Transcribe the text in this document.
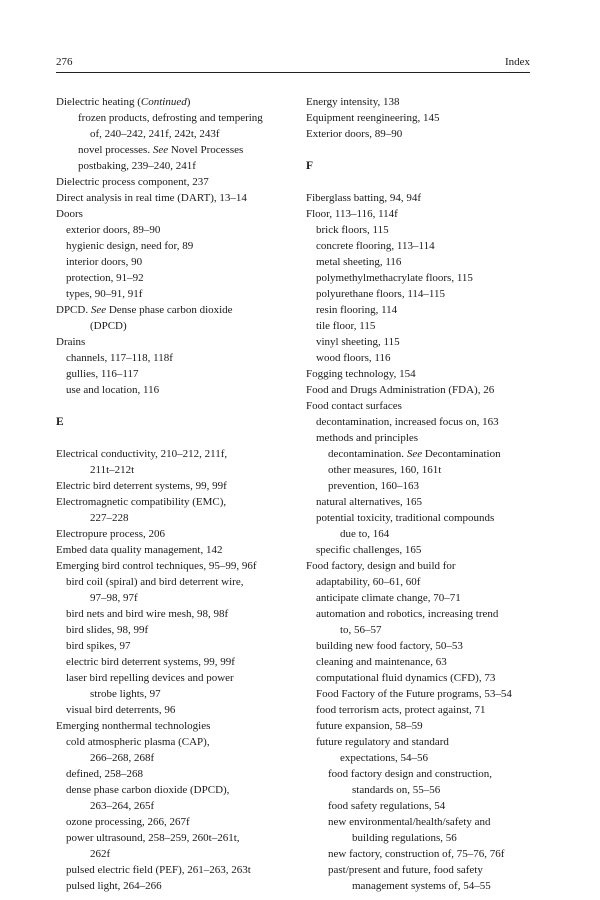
276	Index
Dielectric heating (Continued)
frozen products, defrosting and tempering
of, 240–242, 241f, 242t, 243f
novel processes. See Novel Processes
postbaking, 239–240, 241f
Dielectric process component, 237
Direct analysis in real time (DART), 13–14
Doors
exterior doors, 89–90
hygienic design, need for, 89
interior doors, 90
protection, 91–92
types, 90–91, 91f
DPCD. See Dense phase carbon dioxide
(DPCD)
Drains
channels, 117–118, 118f
gullies, 116–117
use and location, 116
E
Electrical conductivity, 210–212, 211f,
211t–212t
Electric bird deterrent systems, 99, 99f
Electromagnetic compatibility (EMC),
227–228
Electropure process, 206
Embed data quality management, 142
Emerging bird control techniques, 95–99, 96f
bird coil (spiral) and bird deterrent wire,
97–98, 97f
bird nets and bird wire mesh, 98, 98f
bird slides, 98, 99f
bird spikes, 97
electric bird deterrent systems, 99, 99f
laser bird repelling devices and power
strobe lights, 97
visual bird deterrents, 96
Emerging nonthermal technologies
cold atmospheric plasma (CAP),
266–268, 268f
defined, 258–268
dense phase carbon dioxide (DPCD),
263–264, 265f
ozone processing, 266, 267f
power ultrasound, 258–259, 260t–261t,
262f
pulsed electric field (PEF), 261–263, 263t
pulsed light, 264–266
Energy intensity, 138
Equipment reengineering, 145
Exterior doors, 89–90
F
Fiberglass batting, 94, 94f
Floor, 113–116, 114f
brick floors, 115
concrete flooring, 113–114
metal sheeting, 116
polymethylmethacrylate floors, 115
polyurethane floors, 114–115
resin flooring, 114
tile floor, 115
vinyl sheeting, 115
wood floors, 116
Fogging technology, 154
Food and Drugs Administration (FDA), 26
Food contact surfaces
decontamination, increased focus on, 163
methods and principles
decontamination. See Decontamination
other measures, 160, 161t
prevention, 160–163
natural alternatives, 165
potential toxicity, traditional compounds
due to, 164
specific challenges, 165
Food factory, design and build for
adaptability, 60–61, 60f
anticipate climate change, 70–71
automation and robotics, increasing trend
to, 56–57
building new food factory, 50–53
cleaning and maintenance, 63
computational fluid dynamics (CFD), 73
Food Factory of the Future programs, 53–54
food terrorism acts, protect against, 71
future expansion, 58–59
future regulatory and standard
expectations, 54–56
food factory design and construction,
standards on, 55–56
food safety regulations, 54
new environmental/health/safety and
building regulations, 56
new factory, construction of, 75–76, 76f
past/present and future, food safety
management systems of, 54–55
